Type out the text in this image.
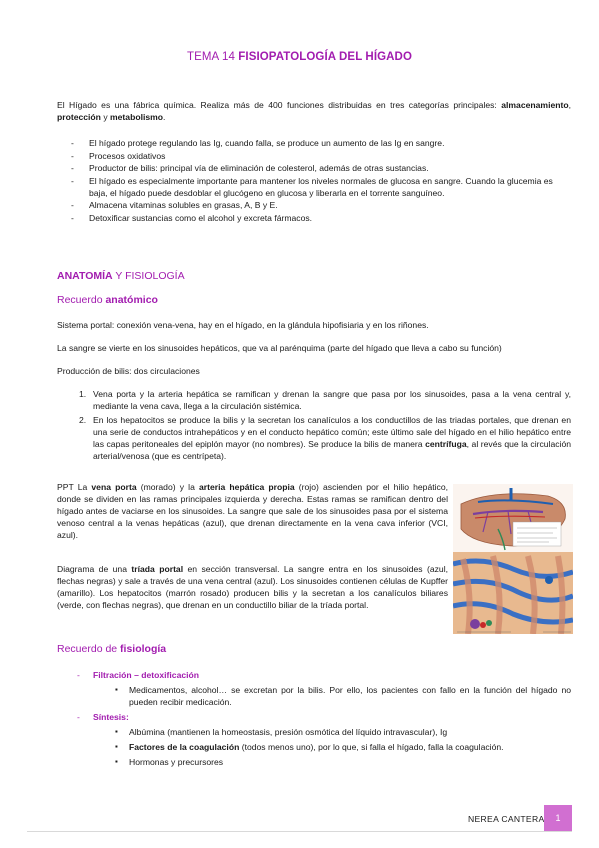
TEMA 14 FISIOPATOLOGÍA DEL HÍGADO
El Hígado es una fábrica química. Realiza más de 400 funciones distribuidas en tres categorías principales: almacenamiento, protección y metabolismo.
- El hígado protege regulando las Ig, cuando falla, se produce un aumento de las Ig en sangre.
- Procesos oxidativos
- Productor de bilis: principal vía de eliminación de colesterol, además de otras sustancias.
- El hígado es especialmente importante para mantener los niveles normales de glucosa en sangre. Cuando la glucemia es baja, el hígado puede desdoblar el glucógeno en glucosa y liberarla en el torrente sanguíneo.
- Almacena vitaminas solubles en grasas, A, B y E.
- Detoxificar sustancias como el alcohol y excreta fármacos.
ANATOMÍA Y FISIOLOGÍA
Recuerdo anatómico
Sistema portal: conexión vena-vena, hay en el hígado, en la glándula hipofisiaria y en los riñones.
La sangre se vierte en los sinusoides hepáticos, que va al parénquima (parte del hígado que lleva a cabo su función)
Producción de bilis: dos circulaciones
1. Vena porta y la arteria hepática se ramifican y drenan la sangre que pasa por los sinusoides, pasa a la vena central y, mediante la vena cava, llega a la circulación sistémica.
2. En los hepatocitos se produce la bilis y la secretan los canalículos a los conductillos de las triadas portales, que drenan en una serie de conductos intrahepáticos y en el conducto hepático común; este último sale del hígado en el hilio hepático entre las capas peritoneales del epiplón mayor (no nombres). Se produce la bilis de manera centrífuga, al revés que la circulación arterial/venosa (que es centrípeta).
PPT La vena porta (morado) y la arteria hepática propia (rojo) ascienden por el hilio hepático, donde se dividen en las ramas principales izquierda y derecha. Estas ramas se ramifican dentro del hígado antes de vaciarse en los sinusoides. La sangre que sale de los sinusoides pasa por el sistema venoso central a la venas hepáticas (azul), que drenan directamente en la vena cava inferior (VCI, azul).
Diagrama de una tríada portal en sección transversal. La sangre entra en los sinusoides (azul, flechas negras) y sale a través de una vena central (azul). Los sinusoides contienen células de Kupffer (amarillo). Los hepatocitos (marrón rosado) producen bilis y la secretan a los canalículos biliares (verde, con flechas negras), que drenan en un conductillo biliar de la tríada portal.
Recuerdo de fisiología
- Filtración – detoxificación
▪ Medicamentos, alcohol… se excretan por la bilis. Por ello, los pacientes con fallo en la función del hígado no pueden recibir medicación.
- Síntesis:
▪ Albúmina (mantienen la homeostasis, presión osmótica del líquido intravascular), Ig
▪ Factores de la coagulación (todos menos uno), por lo que, si falla el hígado, falla la coagulación.
▪ Hormonas y precursores
NEREA CANTERA	1
